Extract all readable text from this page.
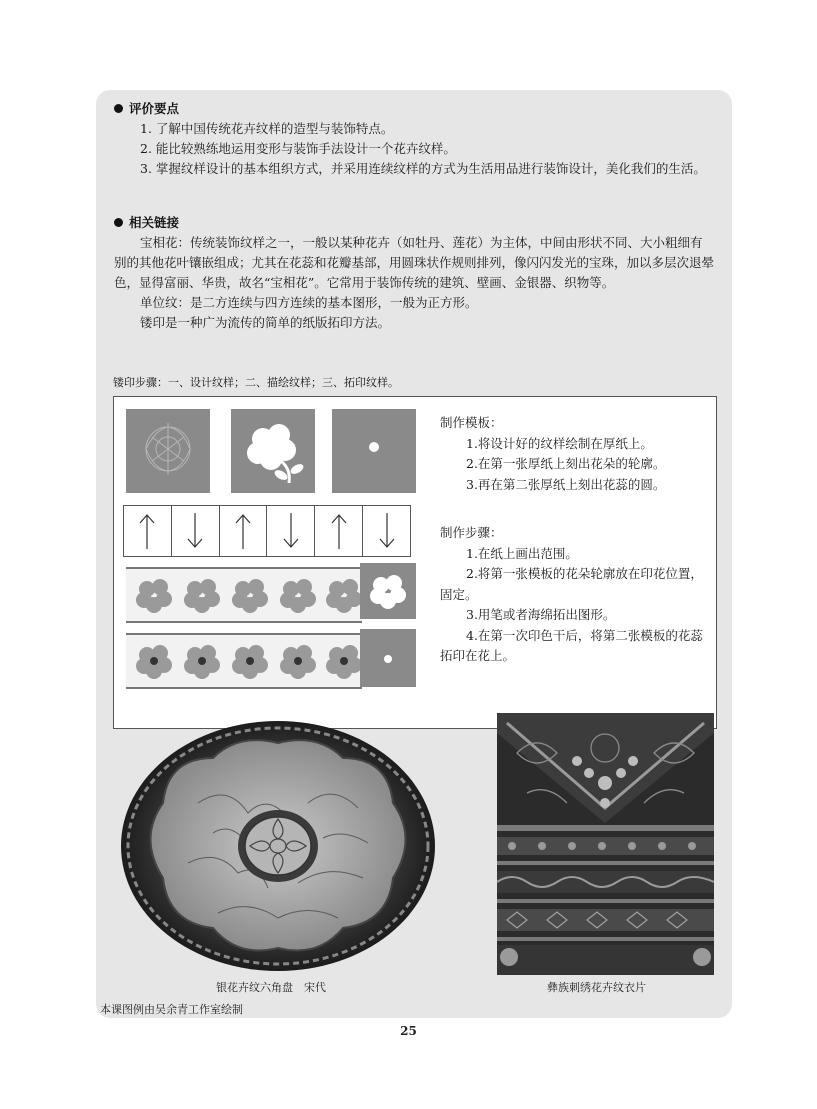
评价要点
1. 了解中国传统花卉纹样的造型与装饰特点。
2. 能比较熟练地运用变形与装饰手法设计一个花卉纹样。
3. 掌握纹样设计的基本组织方式，并采用连续纹样的方式为生活用品进行装饰设计，美化我们的生活。
相关链接
宝相花：传统装饰纹样之一，一般以某种花卉（如牡丹、莲花）为主体，中间由形状不同、大小粗细有别的其他花叶镶嵌组成；尤其在花蕊和花瓣基部，用圆珠状作规则排列，像闪闪发光的宝珠，加以多层次退晕色，显得富丽、华贵，故名“宝相花”。它常用于装饰传统的建筑、壁画、金银器、织物等。
单位纹：是二方连续与四方连续的基本图形，一般为正方形。
镂印是一种广为流传的简单的纸版拓印方法。
镂印步骤：一、设计纹样；二、描绘纹样；三、拓印纹样。
制作模板：
1.将设计好的纹样绘制在厚纸上。
2.在第一张厚纸上刻出花朵的轮廓。
3.再在第二张厚纸上刻出花蕊的圆。
制作步骤：
1.在纸上画出范围。
2.将第一张模板的花朵轮廓放在印花位置，固定。
3.用笔或者海绵拓出图形。
4.在第一次印色干后，将第二张模板的花蕊拓印在花上。
银花卉纹六角盘　宋代	彝族刺绣花卉纹衣片
本课图例由吴余青工作室绘制
25
